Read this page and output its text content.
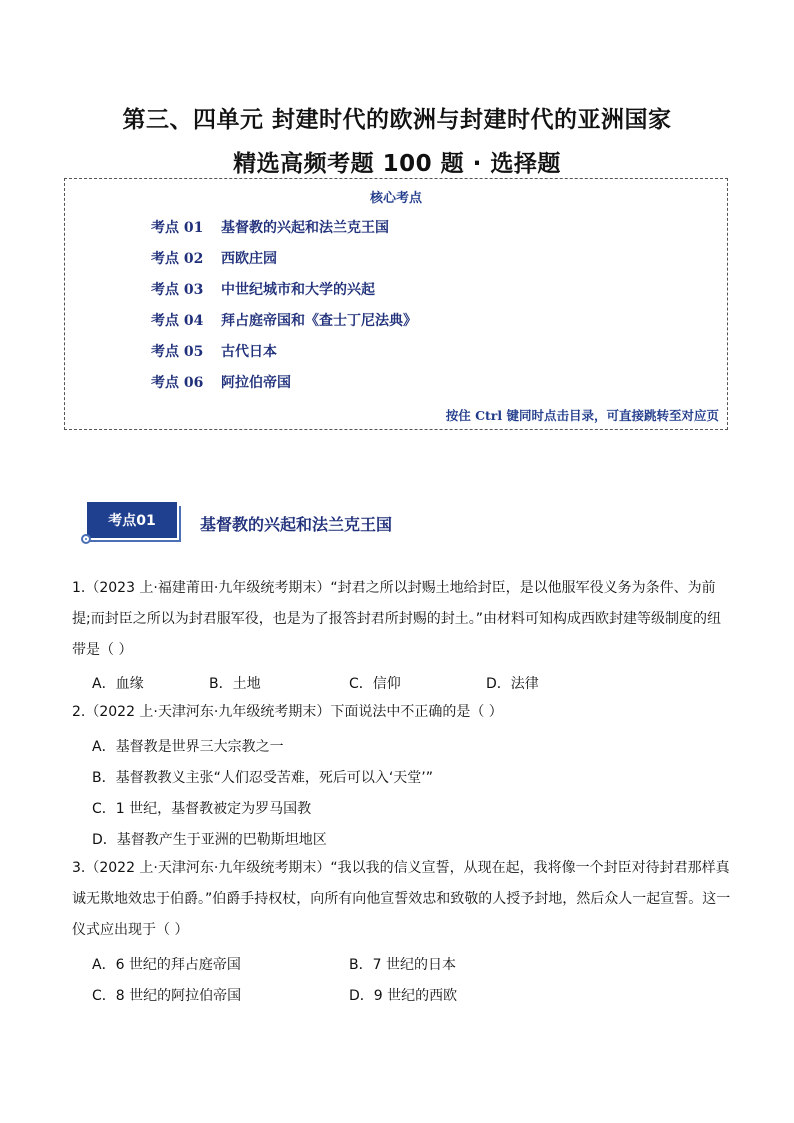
第三、四单元 封建时代的欧洲与封建时代的亚洲国家
精选高频考题 100 题 · 选择题
核心考点
考点 01 基督教的兴起和法兰克王国
考点 02 西欧庄园
考点 03 中世纪城市和大学的兴起
考点 04 拜占庭帝国和《查士丁尼法典》
考点 05 古代日本
考点 06 阿拉伯帝国
按住 Ctrl 键同时点击目录，可直接跳转至对应页
考点01	基督教的兴起和法兰克王国
1.（2023 上·福建莆田·九年级统考期末）“封君之所以封赐土地给封臣，是以他服军役义务为条件、为前提;而封臣之所以为封君服军役，也是为了报答封君所封赐的封土。”由材料可知构成西欧封建等级制度的纽带是（ ）
A．血缘	B．土地	C．信仰	D．法律
2.（2022 上·天津河东·九年级统考期末）下面说法中不正确的是（ ）
A．基督教是世界三大宗教之一
B．基督教教义主张“人们忍受苦难，死后可以入‘天堂’”
C．1 世纪，基督教被定为罗马国教
D．基督教产生于亚洲的巴勒斯坦地区
3.（2022 上·天津河东·九年级统考期末）“我以我的信义宣誓，从现在起，我将像一个封臣对待封君那样真诚无欺地效忠于伯爵。”伯爵手持权杖，向所有向他宣誓效忠和致敬的人授予封地，然后众人一起宣誓。这一仪式应出现于（ ）
A．6 世纪的拜占庭帝国	B．7 世纪的日本
C．8 世纪的阿拉伯帝国	D．9 世纪的西欧
